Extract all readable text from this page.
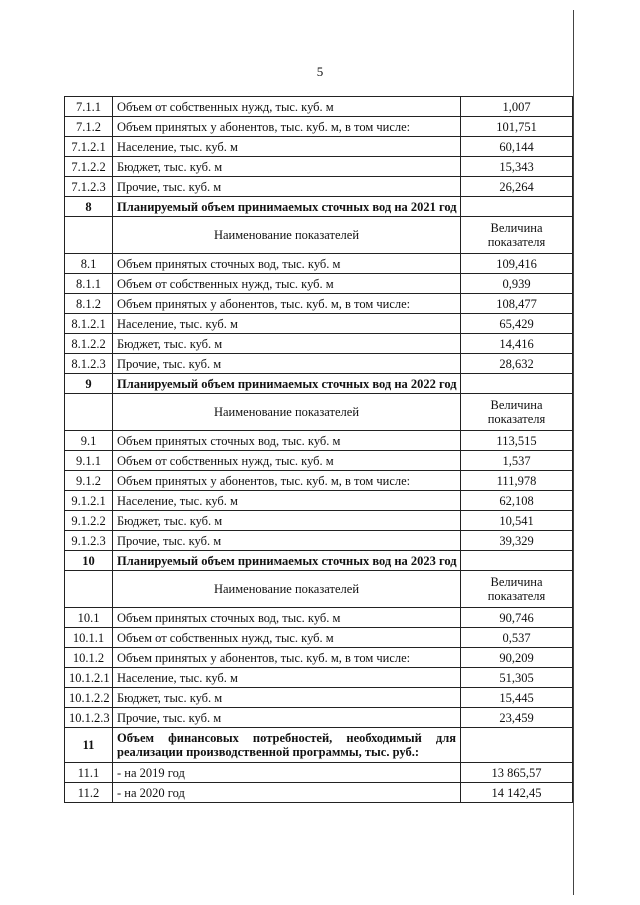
5
7.1.1	Объем от собственных нужд, тыс. куб. м	1,007
7.1.2	Объем принятых у абонентов, тыс. куб. м, в том числе:	101,751
7.1.2.1	Население, тыс. куб. м	60,144
7.1.2.2	Бюджет, тыс. куб. м	15,343
7.1.2.3	Прочие, тыс. куб. м	26,264
8	Планируемый объем принимаемых сточных вод на 2021 год	
	Наименование показателей	Величина показателя
8.1	Объем принятых сточных вод, тыс. куб. м	109,416
8.1.1	Объем от собственных нужд, тыс. куб. м	0,939
8.1.2	Объем принятых у абонентов, тыс. куб. м, в том числе:	108,477
8.1.2.1	Население, тыс. куб. м	65,429
8.1.2.2	Бюджет, тыс. куб. м	14,416
8.1.2.3	Прочие, тыс. куб. м	28,632
9	Планируемый объем принимаемых сточных вод на 2022 год	
	Наименование показателей	Величина показателя
9.1	Объем принятых сточных вод, тыс. куб. м	113,515
9.1.1	Объем от собственных нужд, тыс. куб. м	1,537
9.1.2	Объем принятых у абонентов, тыс. куб. м, в том числе:	111,978
9.1.2.1	Население, тыс. куб. м	62,108
9.1.2.2	Бюджет, тыс. куб. м	10,541
9.1.2.3	Прочие, тыс. куб. м	39,329
10	Планируемый объем принимаемых сточных вод на 2023 год	
	Наименование показателей	Величина показателя
10.1	Объем принятых сточных вод, тыс. куб. м	90,746
10.1.1	Объем от собственных нужд, тыс. куб. м	0,537
10.1.2	Объем принятых у абонентов, тыс. куб. м, в том числе:	90,209
10.1.2.1	Население, тыс. куб. м	51,305
10.1.2.2	Бюджет, тыс. куб. м	15,445
10.1.2.3	Прочие, тыс. куб. м	23,459
11	Объем финансовых потребностей, необходимый для реализации производственной программы, тыс. руб.:	
11.1	- на 2019 год	13 865,57
11.2	- на 2020 год	14 142,45
